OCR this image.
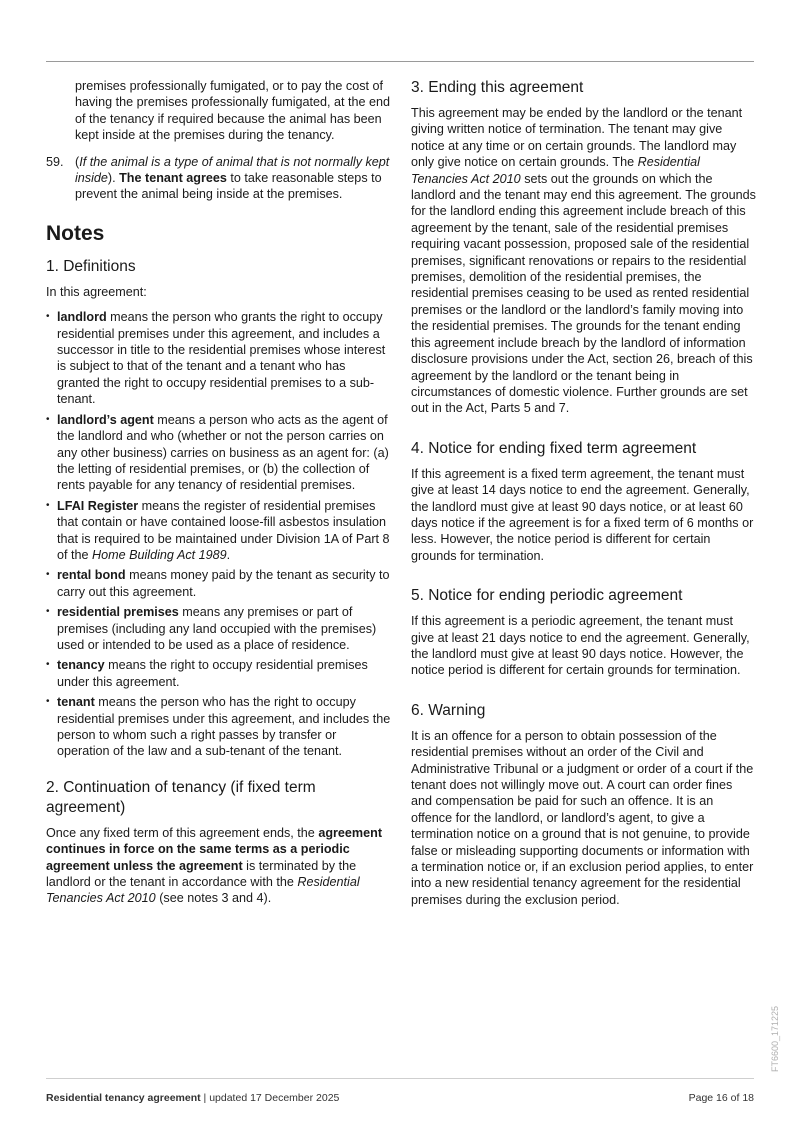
premises professionally fumigated, or to pay the cost of having the premises professionally fumigated, at the end of the tenancy if required because the animal has been kept inside at the premises during the tenancy.

59. (If the animal is a type of animal that is not normally kept inside). The tenant agrees to take reasonable steps to prevent the animal being inside at the premises.

Notes
1. Definitions

In this agreement:

• landlord means the person who grants the right to occupy residential premises under this agreement, and includes a successor in title to the residential premises whose interest is subject to that of the tenant and a tenant who has granted the right to occupy residential premises to a sub-tenant.
• landlord’s agent means a person who acts as the agent of the landlord and who (whether or not the person carries on any other business) carries on business as an agent for: (a) the letting of residential premises, or (b) the collection of rents payable for any tenancy of residential premises.
• LFAI Register means the register of residential premises that contain or have contained loose-fill asbestos insulation that is required to be maintained under Division 1A of Part 8 of the Home Building Act 1989.
• rental bond means money paid by the tenant as security to carry out this agreement.
• residential premises means any premises or part of premises (including any land occupied with the premises) used or intended to be used as a place of residence.
• tenancy means the right to occupy residential premises under this agreement.
• tenant means the person who has the right to occupy residential premises under this agreement, and includes the person to whom such a right passes by transfer or operation of the law and a sub-tenant of the tenant.
2. Continuation of tenancy (if fixed term agreement)

Once any fixed term of this agreement ends, the agreement continues in force on the same terms as a periodic agreement unless the agreement is terminated by the landlord or the tenant in accordance with the Residential Tenancies Act 2010 (see notes 3 and 4).

3. Ending this agreement

This agreement may be ended by the landlord or the tenant giving written notice of termination. The tenant may give notice at any time or on certain grounds. The landlord may only give notice on certain grounds. The Residential Tenancies Act 2010 sets out the grounds on which the landlord and the tenant may end this agreement. The grounds for the landlord ending this agreement include breach of this agreement by the tenant, sale of the residential premises requiring vacant possession, proposed sale of the residential premises, significant renovations or repairs to the residential premises, demolition of the residential premises, the residential premises ceasing to be used as rented residential premises or the landlord or the landlord’s family moving into the residential premises. The grounds for the tenant ending this agreement include breach by the landlord of information disclosure provisions under the Act, section 26, breach of this agreement by the landlord or the tenant being in circumstances of domestic violence. Further grounds are set out in the Act, Parts 5 and 7.

4. Notice for ending fixed term agreement

If this agreement is a fixed term agreement, the tenant must give at least 14 days notice to end the agreement. Generally, the landlord must give at least 90 days notice, or at least 60 days notice if the agreement is for a fixed term of 6 months or less. However, the notice period is different for certain grounds for termination.

5. Notice for ending periodic agreement

If this agreement is a periodic agreement, the tenant must give at least 21 days notice to end the agreement. Generally, the landlord must give at least 90 days notice. However, the notice period is different for certain grounds for termination.

6. Warning

It is an offence for a person to obtain possession of the residential premises without an order of the Civil and Administrative Tribunal or a judgment or order of a court if the tenant does not willingly move out. A court can order fines and compensation be paid for such an offence. It is an offence for the landlord, or landlord’s agent, to give a termination notice on a ground that is not genuine, to provide false or misleading supporting documents or information with a termination notice or, if an exclusion period applies, to enter into a new residential tenancy agreement for the residential premises during the exclusion period.

FT6600_171225
Residential tenancy agreement | updated 17 December 2025	Page 16 of 18
